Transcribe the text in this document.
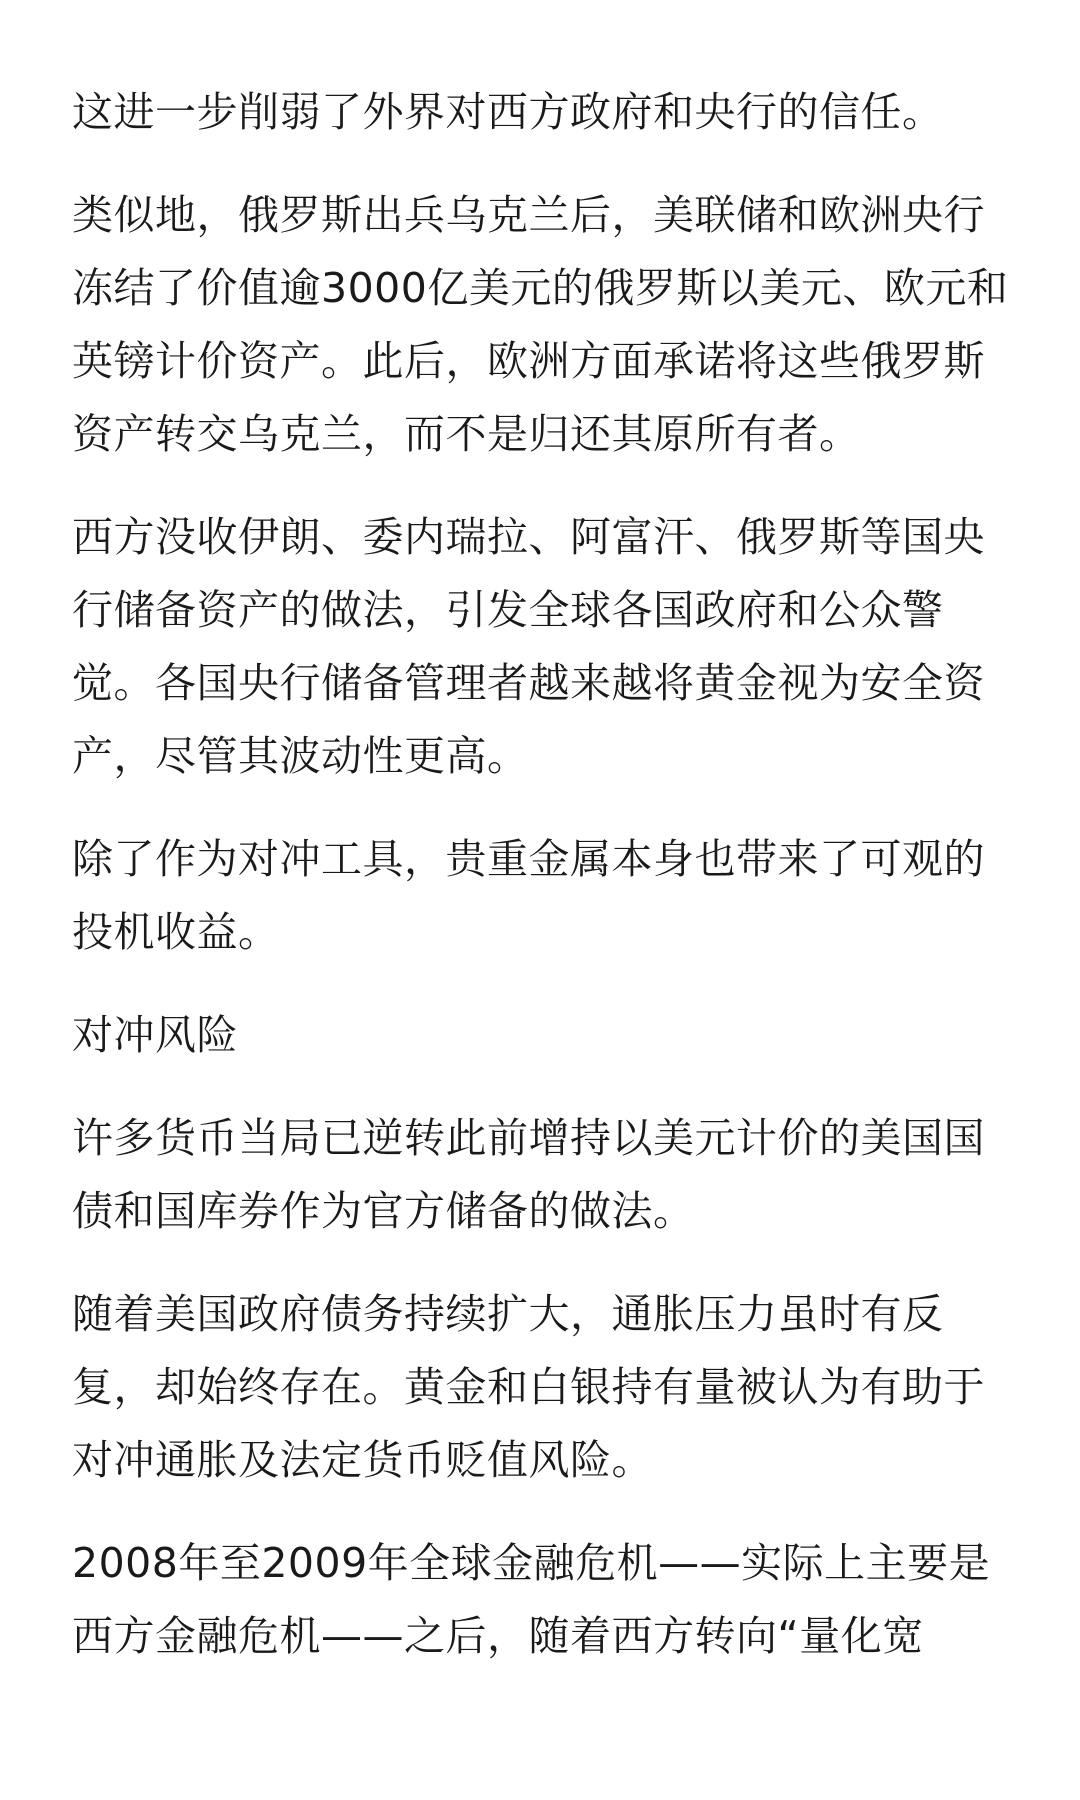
这进一步削弱了外界对西方政府和央行的信任。

类似地，俄罗斯出兵乌克兰后，美联储和欧洲央行冻结了价值逾3000亿美元的俄罗斯以美元、欧元和英镑计价资产。此后，欧洲方面承诺将这些俄罗斯资产转交乌克兰，而不是归还其原所有者。

西方没收伊朗、委内瑞拉、阿富汗、俄罗斯等国央行储备资产的做法，引发全球各国政府和公众警觉。各国央行储备管理者越来越将黄金视为安全资产，尽管其波动性更高。

除了作为对冲工具，贵重金属本身也带来了可观的投机收益。

对冲风险

许多货币当局已逆转此前增持以美元计价的美国国债和国库券作为官方储备的做法。

随着美国政府债务持续扩大，通胀压力虽时有反复，却始终存在。黄金和白银持有量被认为有助于对冲通胀及法定货币贬值风险。

2008年至2009年全球金融危机——实际上主要是西方金融危机——之后，随着西方转向“量化宽
